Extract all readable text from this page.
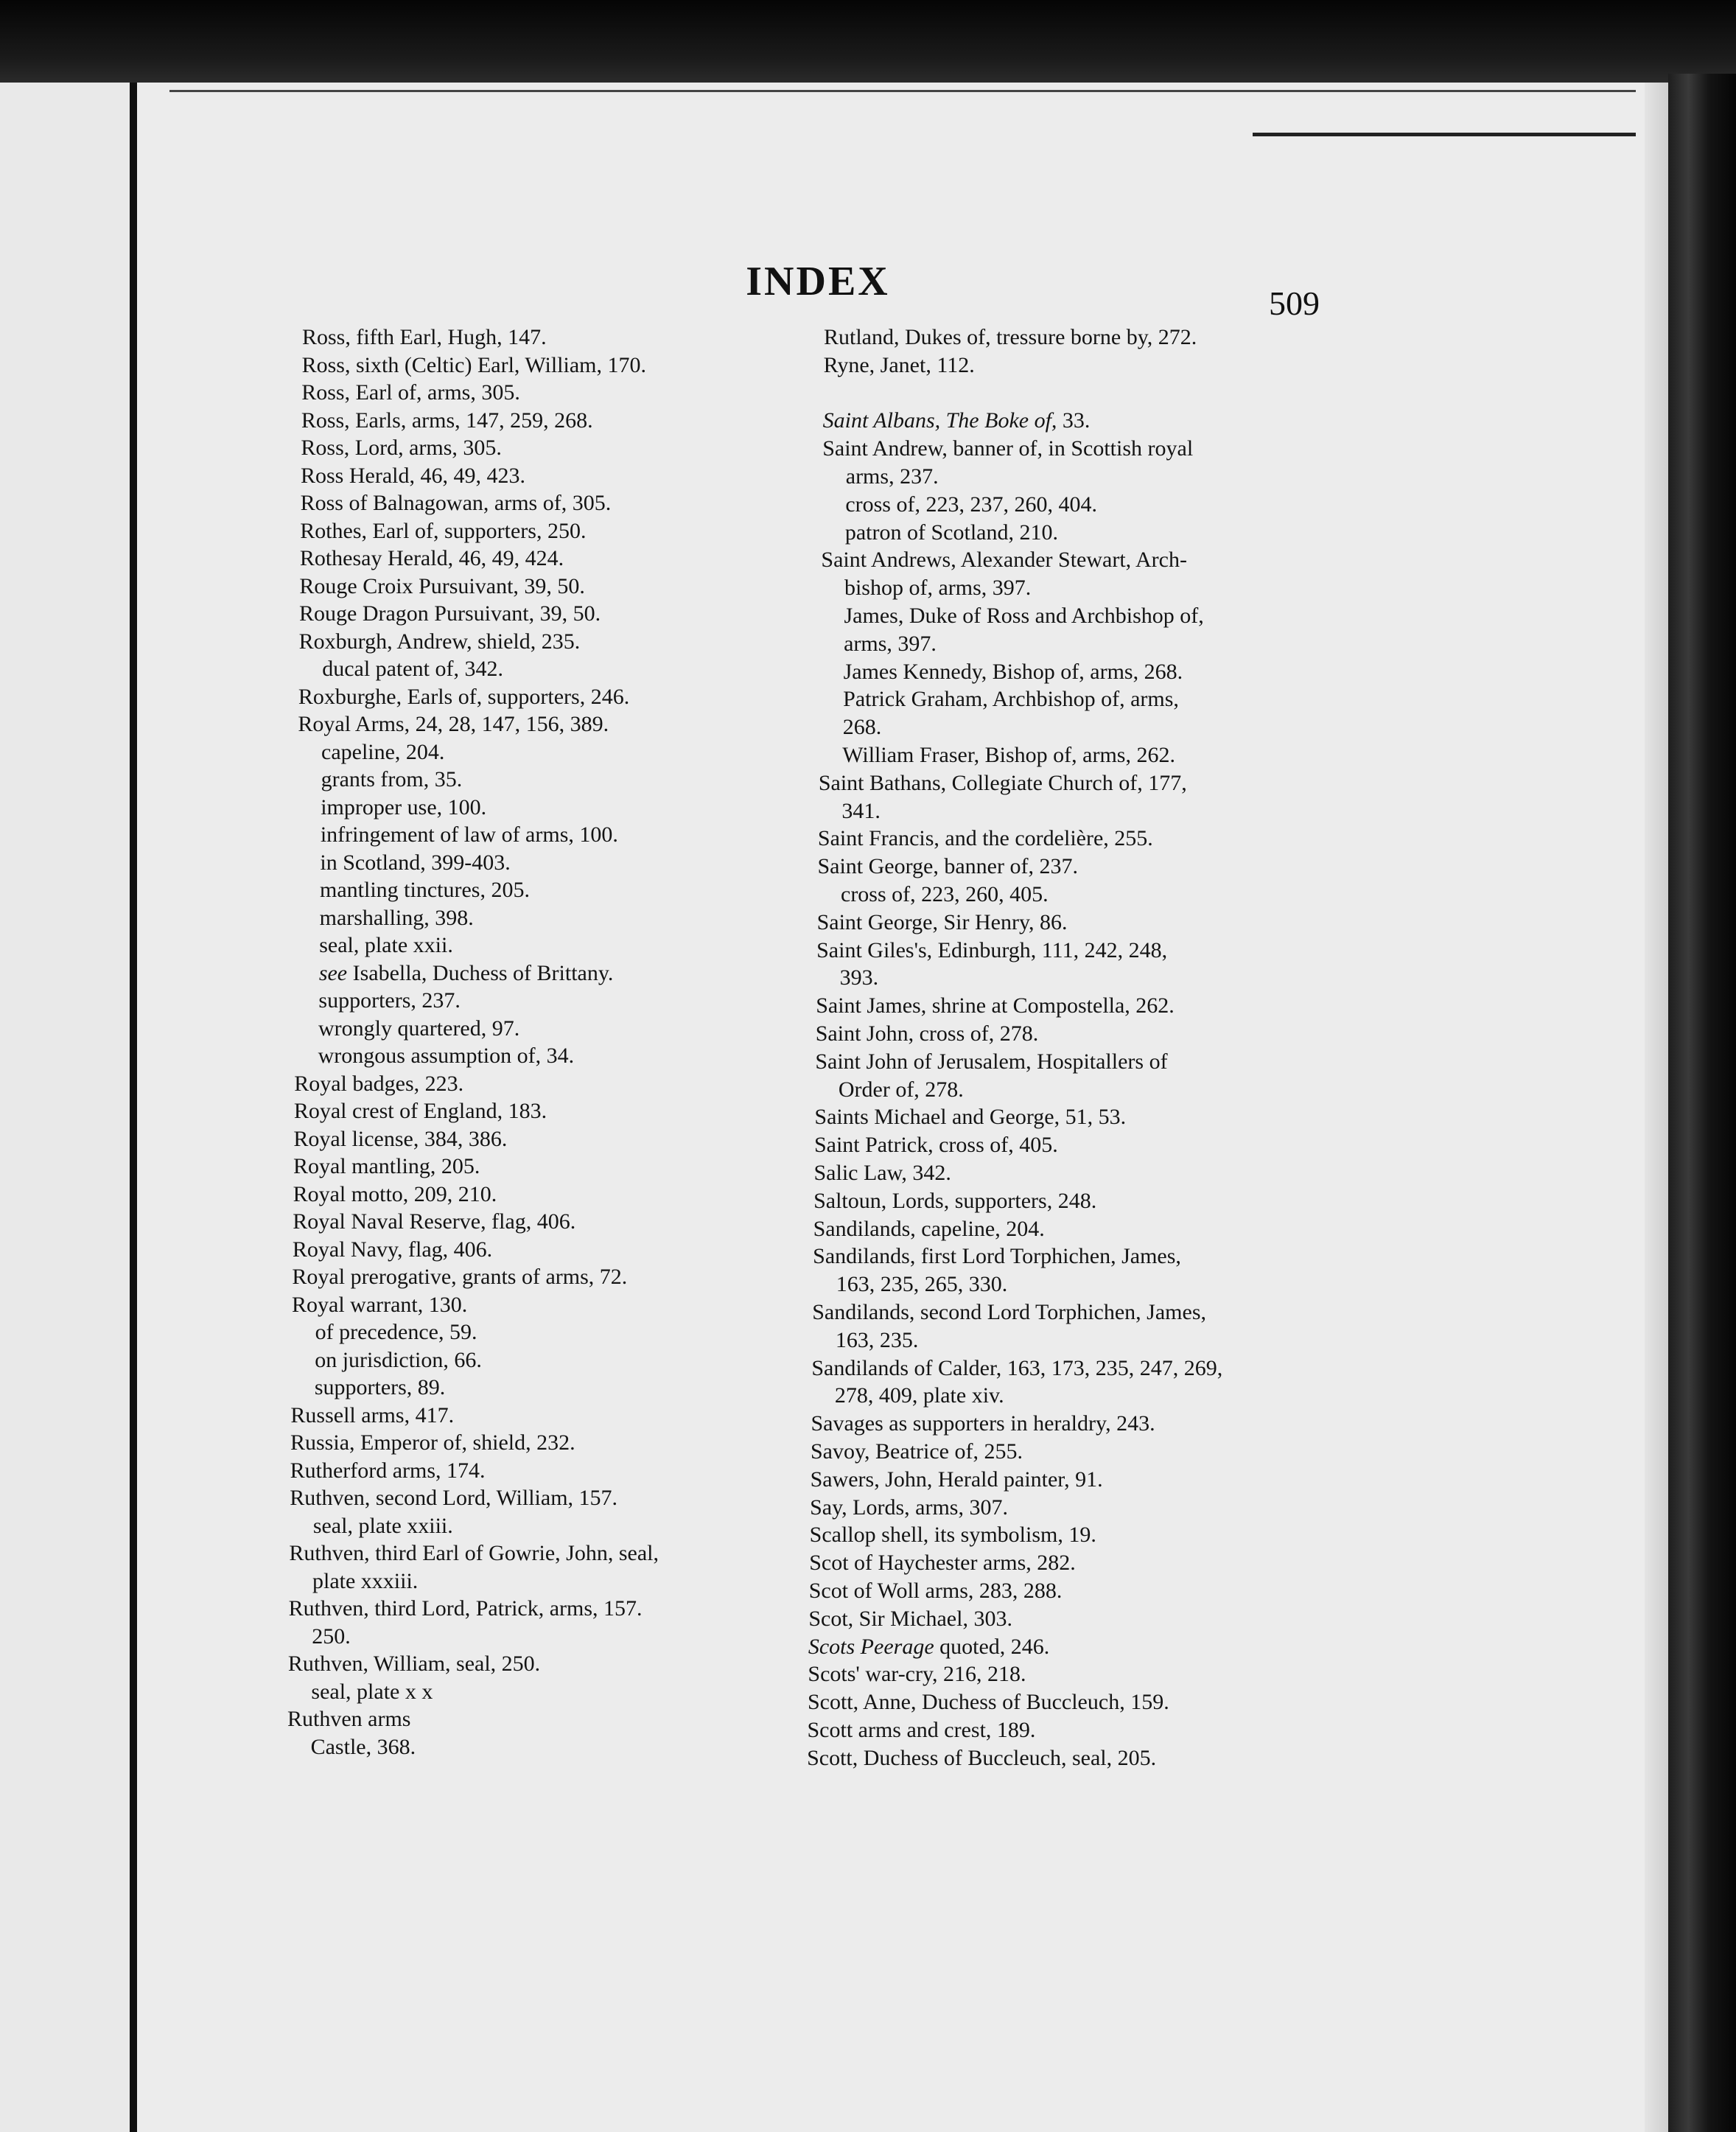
INDEX	509
Ross, fifth Earl, Hugh, 147.
Ross, sixth (Celtic) Earl, William, 170.
Ross, Earl of, arms, 305.
Ross, Earls, arms, 147, 259, 268.
Ross, Lord, arms, 305.
Ross Herald, 46, 49, 423.
Ross of Balnagowan, arms of, 305.
Rothes, Earl of, supporters, 250.
Rothesay Herald, 46, 49, 424.
Rouge Croix Pursuivant, 39, 50.
Rouge Dragon Pursuivant, 39, 50.
Roxburgh, Andrew, shield, 235.
ducal patent of, 342.
Roxburghe, Earls of, supporters, 246.
Royal Arms, 24, 28, 147, 156, 389.
capeline, 204.
grants from, 35.
improper use, 100.
infringement of law of arms, 100.
in Scotland, 399-403.
mantling tinctures, 205.
marshalling, 398.
seal, plate xxii.
see Isabella, Duchess of Brittany.
supporters, 237.
wrongly quartered, 97.
wrongous assumption of, 34.
Royal badges, 223.
Royal crest of England, 183.
Royal license, 384, 386.
Royal mantling, 205.
Royal motto, 209, 210.
Royal Naval Reserve, flag, 406.
Royal Navy, flag, 406.
Royal prerogative, grants of arms, 72.
Royal warrant, 130.
of precedence, 59.
on jurisdiction, 66.
supporters, 89.
Russell arms, 417.
Russia, Emperor of, shield, 232.
Rutherford arms, 174.
Ruthven, second Lord, William, 157.
seal, plate xxiii.
Ruthven, third Earl of Gowrie, John, seal,
plate xxxiii.
Ruthven, third Lord, Patrick, arms, 157.
250.
Ruthven, William, seal, 250.
seal, plate x x
Ruthven arms
Castle, 368.
Rutland, Dukes of, tressure borne by, 272.
Ryne, Janet, 112.
Saint Albans, The Boke of, 33.
Saint Andrew, banner of, in Scottish royal
arms, 237.
cross of, 223, 237, 260, 404.
patron of Scotland, 210.
Saint Andrews, Alexander Stewart, Arch-
bishop of, arms, 397.
James, Duke of Ross and Archbishop of,
arms, 397.
James Kennedy, Bishop of, arms, 268.
Patrick Graham, Archbishop of, arms,
268.
William Fraser, Bishop of, arms, 262.
Saint Bathans, Collegiate Church of, 177,
341.
Saint Francis, and the cordelière, 255.
Saint George, banner of, 237.
cross of, 223, 260, 405.
Saint George, Sir Henry, 86.
Saint Giles's, Edinburgh, 111, 242, 248,
393.
Saint James, shrine at Compostella, 262.
Saint John, cross of, 278.
Saint John of Jerusalem, Hospitallers of
Order of, 278.
Saints Michael and George, 51, 53.
Saint Patrick, cross of, 405.
Salic Law, 342.
Saltoun, Lords, supporters, 248.
Sandilands, capeline, 204.
Sandilands, first Lord Torphichen, James,
163, 235, 265, 330.
Sandilands, second Lord Torphichen, James,
163, 235.
Sandilands of Calder, 163, 173, 235, 247, 269,
278, 409, plate xiv.
Savages as supporters in heraldry, 243.
Savoy, Beatrice of, 255.
Sawers, John, Herald painter, 91.
Say, Lords, arms, 307.
Scallop shell, its symbolism, 19.
Scot of Haychester arms, 282.
Scot of Woll arms, 283, 288.
Scot, Sir Michael, 303.
Scots Peerage quoted, 246.
Scots' war-cry, 216, 218.
Scott, Anne, Duchess of Buccleuch, 159.
Scott arms and crest, 189.
Scott, Duchess of Buccleuch, seal, 205.
